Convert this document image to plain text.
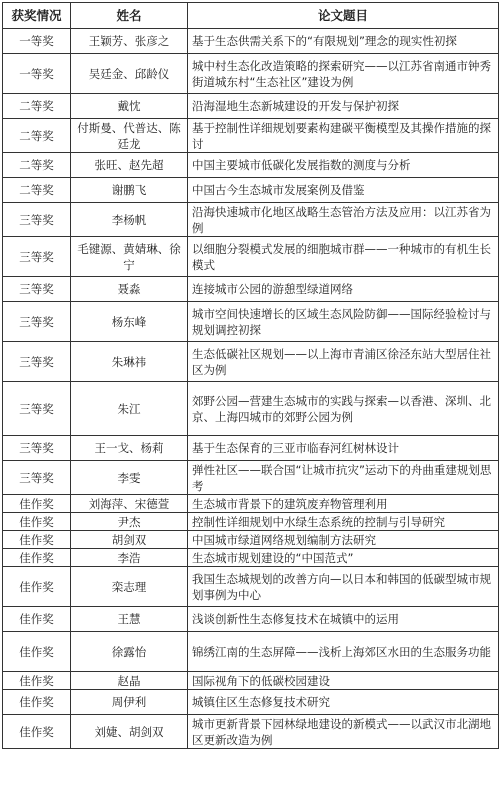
获奖情况	姓名	论文题目
一等奖	王颖芳、张彦之	基于生态供需关系下的“有限规划”理念的现实性初探
一等奖	吴廷金、邱龄仪	城中村生态化改造策略的探索研究——以江苏省南通市钟秀街道城东村“生态社区”建设为例
二等奖	戴忱	沿海湿地生态新城建设的开发与保护初探
二等奖	付斯曼、代普达、陈廷龙	基于控制性详细规划要素构建碳平衡模型及其操作措施的探讨
二等奖	张旺、赵先超	中国主要城市低碳化发展指数的测度与分析
二等奖	谢鹏飞	中国古今生态城市发展案例及借鉴
三等奖	李杨帆	沿海快速城市化地区战略生态管治方法及应用：以江苏省为例
三等奖	毛键源、黄婧琳、徐宁	以细胞分裂模式发展的细胞城市群——一种城市的有机生长模式
三等奖	聂淼	连接城市公园的游憩型绿道网络
三等奖	杨东峰	城市空间快速增长的区域生态风险防御——国际经验检讨与规划调控初探
三等奖	朱琳祎	生态低碳社区规划——以上海市青浦区徐泾东站大型居住社区为例
三等奖	朱江	郊野公园—营建生态城市的实践与探索—以香港、深圳、北京、上海四城市的郊野公园为例
三等奖	王一戈、杨莉	基于生态保育的三亚市临春河红树林设计
三等奖	李雯	弹性社区——联合国“让城市抗灾”运动下的舟曲重建规划思考
佳作奖	刘海萍、宋德萱	生态城市背景下的建筑废弃物管理利用
佳作奖	尹杰	控制性详细规划中水绿生态系统的控制与引导研究
佳作奖	胡剑双	中国城市绿道网络规划编制方法研究
佳作奖	李浩	生态城市规划建设的“中国范式”
佳作奖	栾志理	我国生态城规划的改善方向—以日本和韩国的低碳型城市规划事例为中心
佳作奖	王慧	浅谈创新性生态修复技术在城镇中的运用
佳作奖	徐露怡	锦绣江南的生态屏障——浅析上海郊区水田的生态服务功能
佳作奖	赵晶	国际视角下的低碳校园建设
佳作奖	周伊利	城镇住区生态修复技术研究
佳作奖	刘婕、胡剑双	城市更新背景下园林绿地建设的新模式——以武汉市北湖地区更新改造为例
